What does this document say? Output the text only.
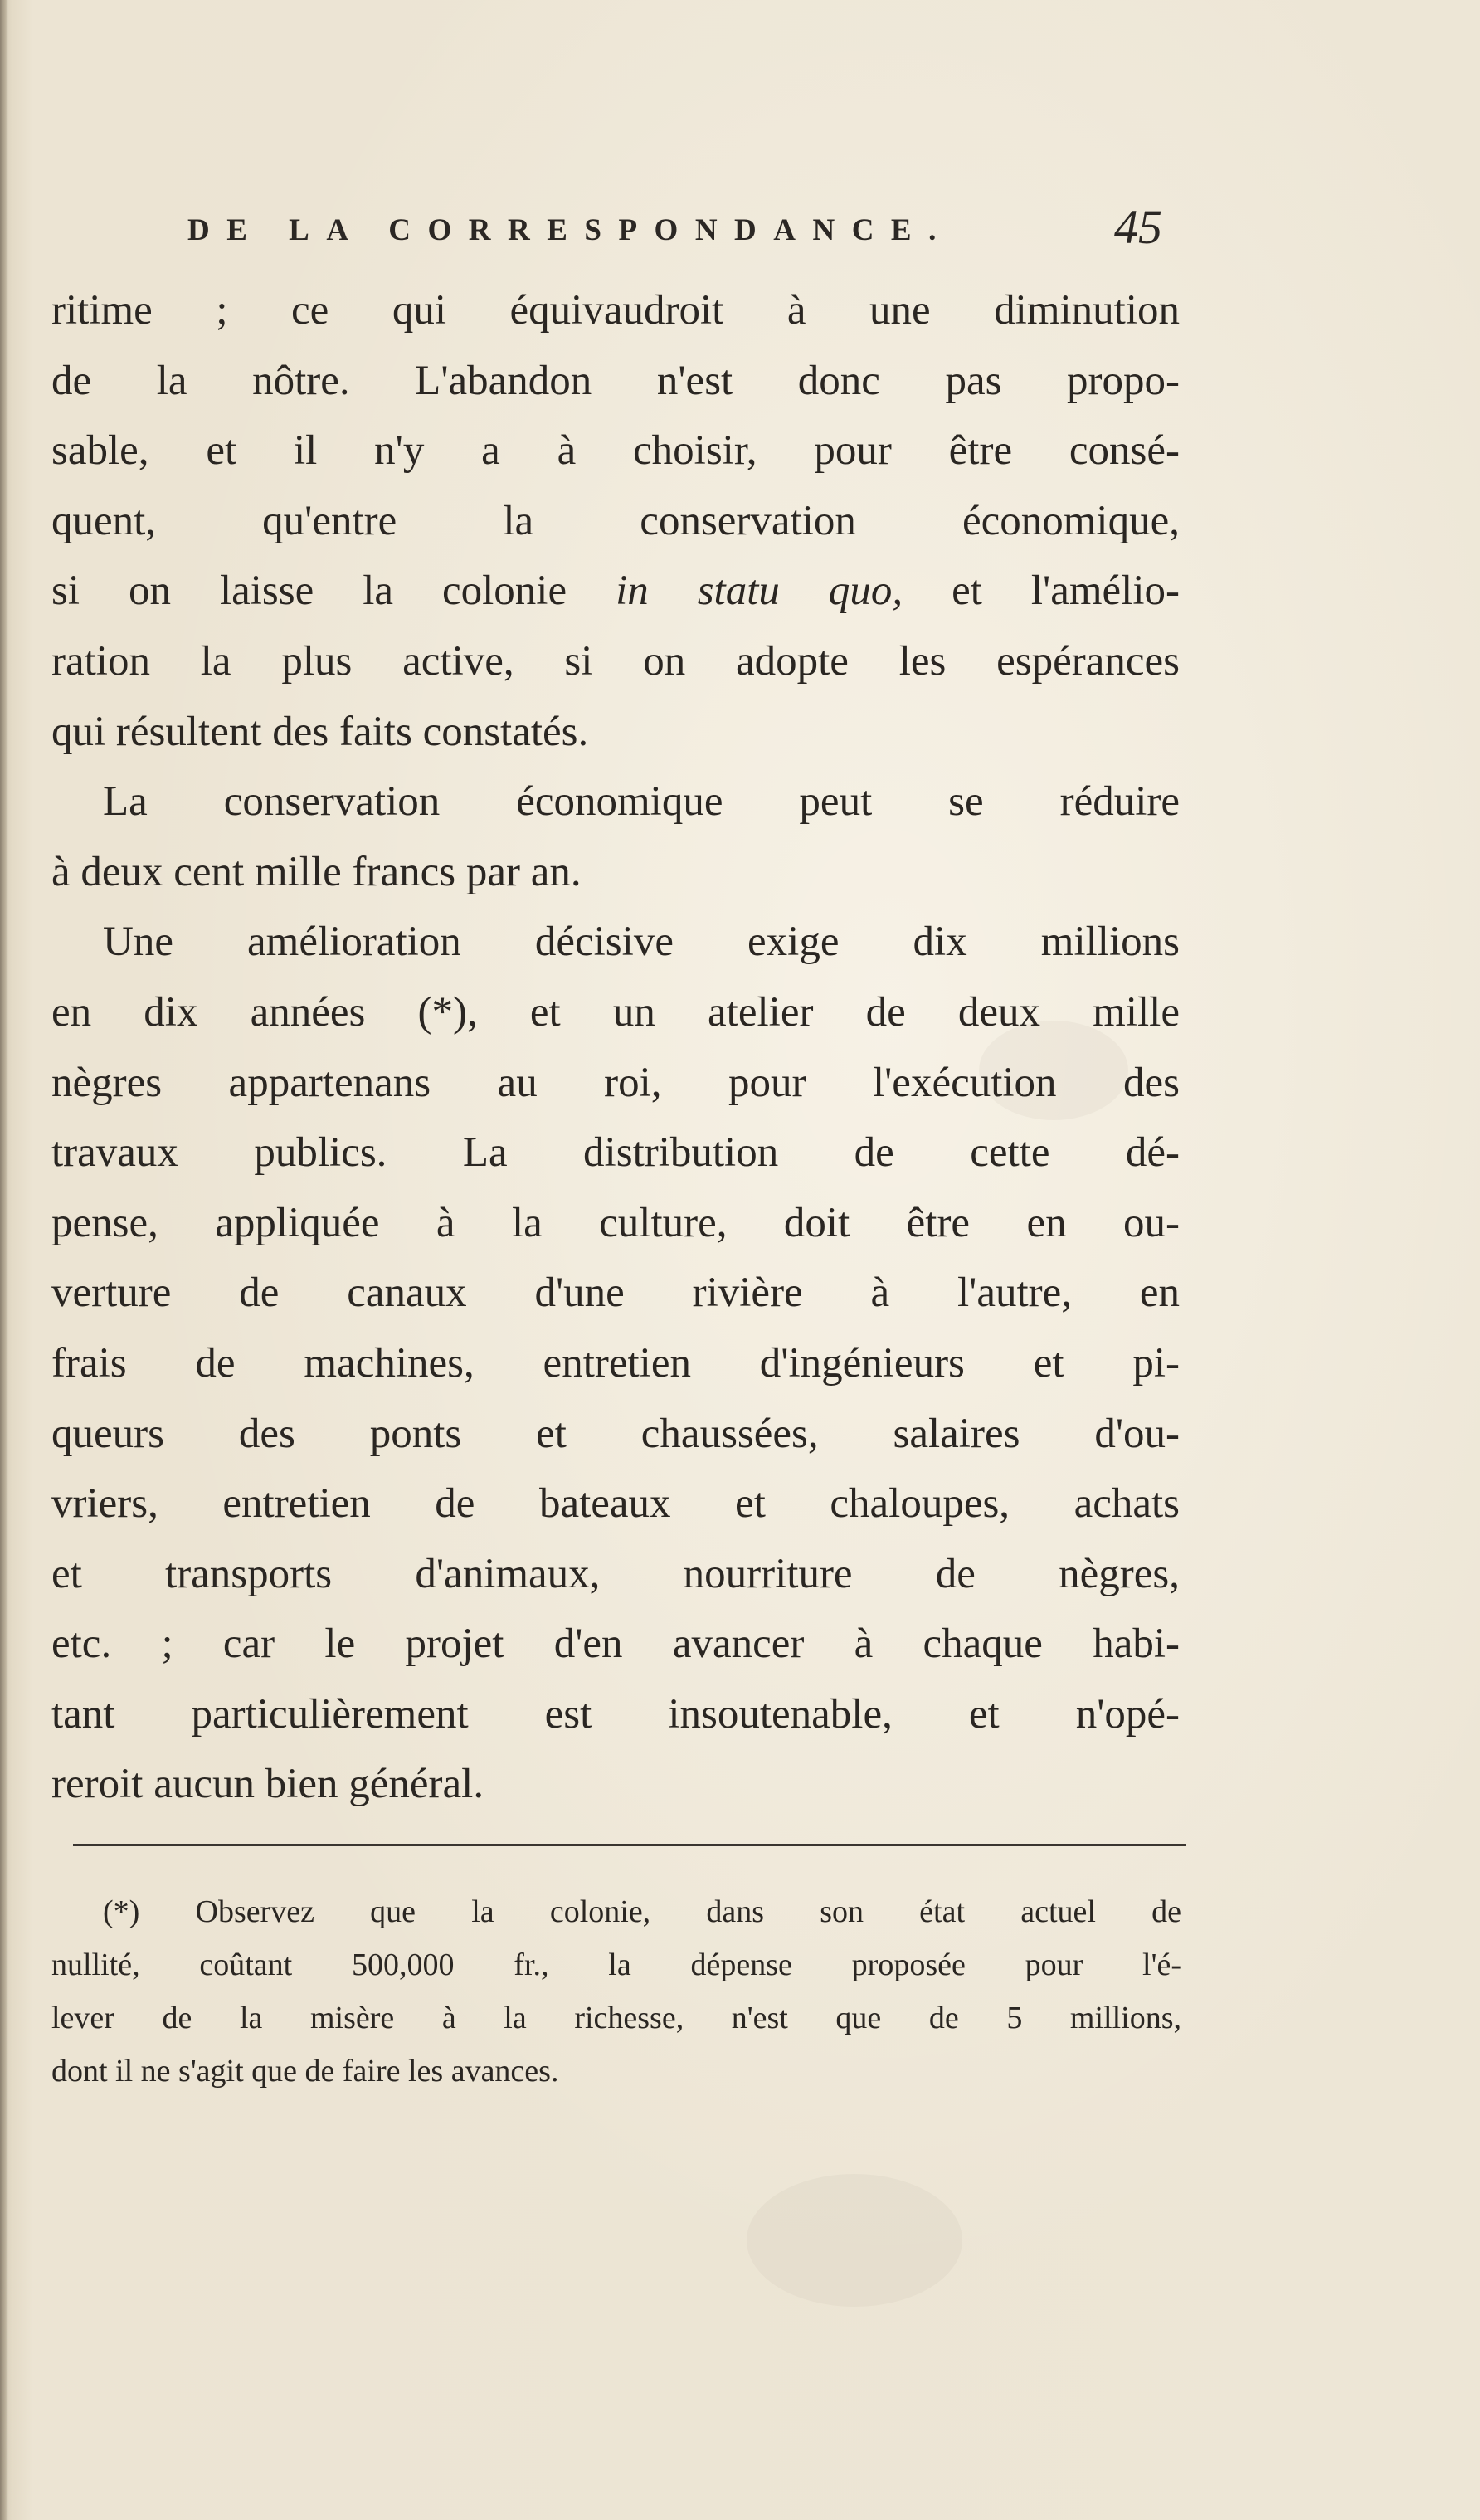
DE LA CORRESPONDANCE.	45
ritime ; ce qui équivaudroit à une diminution
de la nôtre. L'abandon n'est donc pas propo-
sable, et il n'y a à choisir, pour être consé-
quent, qu'entre la conservation économique,
si on laisse la colonie in statu quo, et l'amélio-
ration la plus active, si on adopte les espérances
qui résultent des faits constatés.
La conservation économique peut se réduire
à deux cent mille francs par an.
Une amélioration décisive exige dix millions
en dix années (*), et un atelier de deux mille
nègres appartenans au roi, pour l'exécution des
travaux publics. La distribution de cette dé-
pense, appliquée à la culture, doit être en ou-
verture de canaux d'une rivière à l'autre, en
frais de machines, entretien d'ingénieurs et pi-
queurs des ponts et chaussées, salaires d'ou-
vriers, entretien de bateaux et chaloupes, achats
et transports d'animaux, nourriture de nègres,
etc. ; car le projet d'en avancer à chaque habi-
tant particulièrement est insoutenable, et n'opé-
reroit aucun bien général.
(*) Observez que la colonie, dans son état actuel de
nullité, coûtant 500,000 fr., la dépense proposée pour l'é-
lever de la misère à la richesse, n'est que de 5 millions,
dont il ne s'agit que de faire les avances.
